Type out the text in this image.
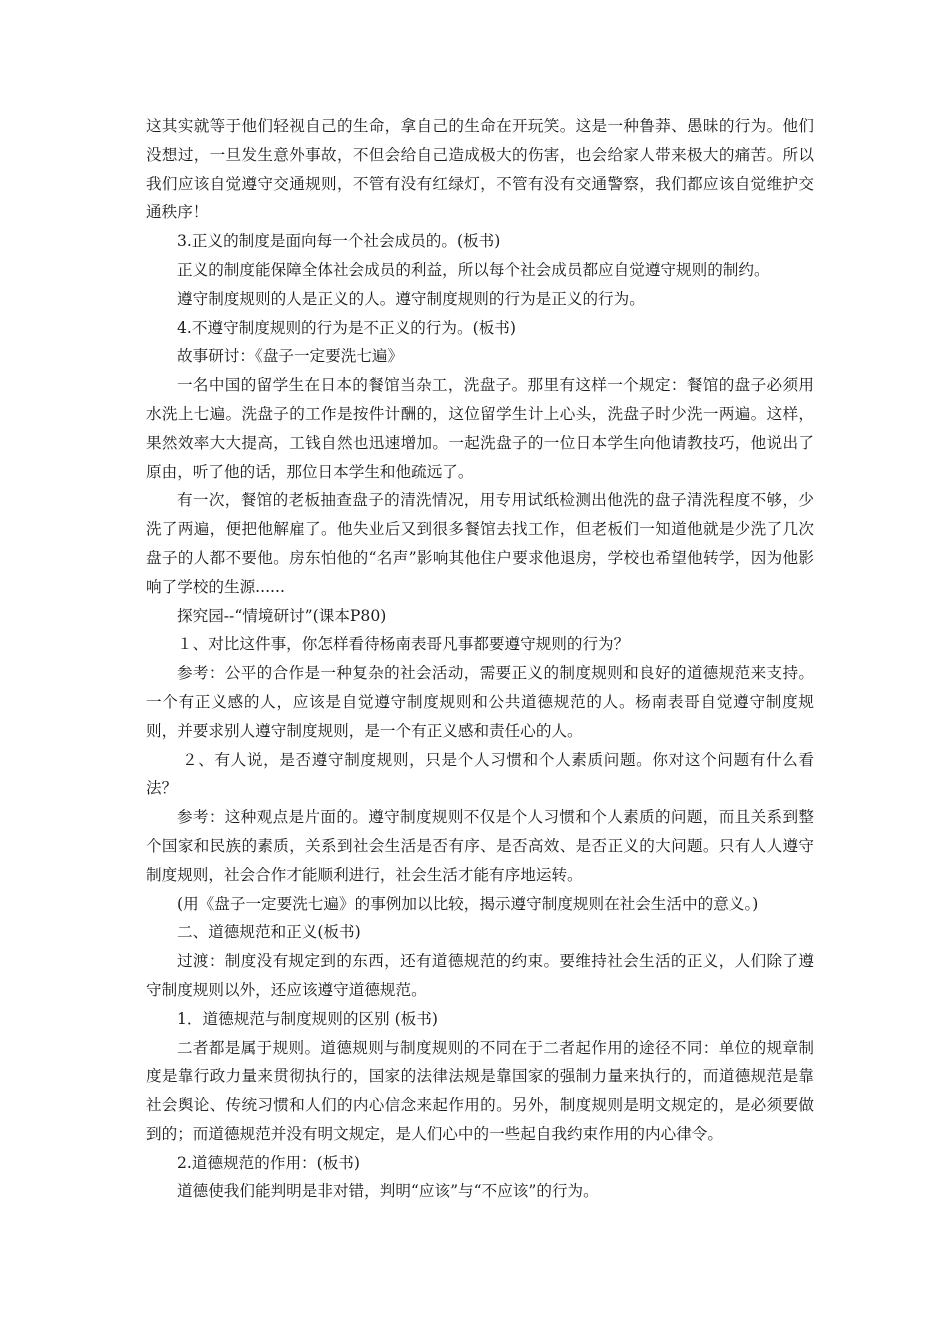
这其实就等于他们轻视自己的生命，拿自己的生命在开玩笑。这是一种鲁莽、愚昧的行为。他们没想过，一旦发生意外事故，不但会给自己造成极大的伤害，也会给家人带来极大的痛苦。所以我们应该自觉遵守交通规则，不管有没有红绿灯，不管有没有交通警察，我们都应该自觉维护交通秩序！

3.正义的制度是面向每一个社会成员的。(板书)

正义的制度能保障全体社会成员的利益，所以每个社会成员都应自觉遵守规则的制约。

遵守制度规则的人是正义的人。遵守制度规则的行为是正义的行为。

4.不遵守制度规则的行为是不正义的行为。(板书)

故事研讨：《盘子一定要洗七遍》

一名中国的留学生在日本的餐馆当杂工，洗盘子。那里有这样一个规定：餐馆的盘子必须用水洗上七遍。洗盘子的工作是按件计酬的，这位留学生计上心头，洗盘子时少洗一两遍。这样，果然效率大大提高，工钱自然也迅速增加。一起洗盘子的一位日本学生向他请教技巧，他说出了原由，听了他的话，那位日本学生和他疏远了。

有一次，餐馆的老板抽查盘子的清洗情况，用专用试纸检测出他洗的盘子清洗程度不够，少洗了两遍，便把他解雇了。他失业后又到很多餐馆去找工作，但老板们一知道他就是少洗了几次盘子的人都不要他。房东怕他的“名声”影响其他住户要求他退房，学校也希望他转学，因为他影响了学校的生源......

探究园--“情境研讨”(课本P80)

１、对比这件事，你怎样看待杨南表哥凡事都要遵守规则的行为？

参考：公平的合作是一种复杂的社会活动，需要正义的制度规则和良好的道德规范来支持。一个有正义感的人，应该是自觉遵守制度规则和公共道德规范的人。杨南表哥自觉遵守制度规则，并要求别人遵守制度规则，是一个有正义感和责任心的人。

２、有人说，是否遵守制度规则，只是个人习惯和个人素质问题。你对这个问题有什么看法？

参考：这种观点是片面的。遵守制度规则不仅是个人习惯和个人素质的问题，而且关系到整个国家和民族的素质，关系到社会生活是否有序、是否高效、是否正义的大问题。只有人人遵守制度规则，社会合作才能顺利进行，社会生活才能有序地运转。

(用《盘子一定要洗七遍》的事例加以比较，揭示遵守制度规则在社会生活中的意义。)

二、道德规范和正义(板书)

过渡：制度没有规定到的东西，还有道德规范的约束。要维持社会生活的正义，人们除了遵守制度规则以外，还应该遵守道德规范。

1．道德规范与制度规则的区别 (板书)

二者都是属于规则。道德规则与制度规则的不同在于二者起作用的途径不同：单位的规章制度是靠行政力量来贯彻执行的，国家的法律法规是靠国家的强制力量来执行的，而道德规范是靠社会舆论、传统习惯和人们的内心信念来起作用的。另外，制度规则是明文规定的，是必须要做到的；而道德规范并没有明文规定，是人们心中的一些起自我约束作用的内心律令。

2.道德规范的作用：(板书)

道德使我们能判明是非对错，判明“应该”与“不应该”的行为。
